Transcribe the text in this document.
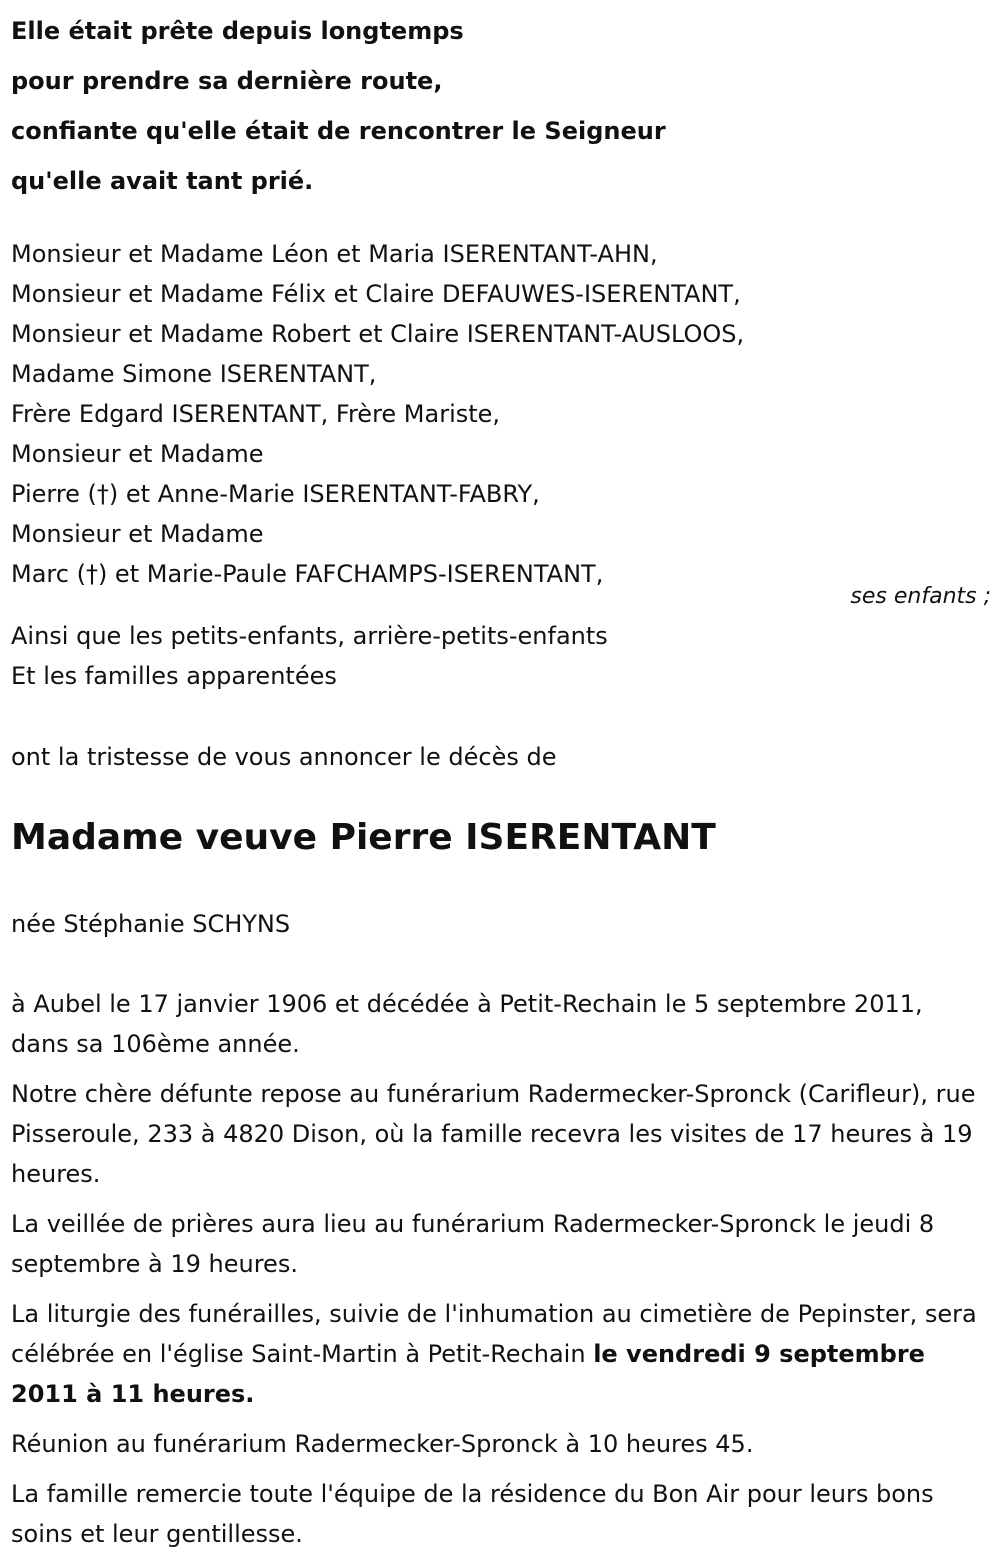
Elle était prête depuis longtemps
pour prendre sa dernière route,
confiante qu'elle était de rencontrer le Seigneur
qu'elle avait tant prié.
Monsieur et Madame Léon et Maria ISERENTANT-AHN,
Monsieur et Madame Félix et Claire DEFAUWES-ISERENTANT,
Monsieur et Madame Robert et Claire ISERENTANT-AUSLOOS,
Madame Simone ISERENTANT,
Frère Edgard ISERENTANT, Frère Mariste,
Monsieur et Madame
Pierre (†) et Anne-Marie ISERENTANT-FABRY,
Monsieur et Madame
Marc (†) et Marie-Paule FAFCHAMPS-ISERENTANT,
ses enfants ;
Ainsi que les petits-enfants, arrière-petits-enfants
Et les familles apparentées
ont la tristesse de vous annoncer le décès de
Madame veuve Pierre ISERENTANT
née Stéphanie SCHYNS

à Aubel le 17 janvier 1906 et décédée à Petit-Rechain le 5 septembre 2011, dans sa 106ème année.

Notre chère défunte repose au funérarium Radermecker-Spronck (Carifleur), rue Pisseroule, 233 à 4820 Dison, où la famille recevra les visites de 17 heures à 19 heures.

La veillée de prières aura lieu au funérarium Radermecker-Spronck le jeudi 8 septembre à 19 heures.

La liturgie des funérailles, suivie de l'inhumation au cimetière de Pepinster, sera célébrée en l'église Saint-Martin à Petit-Rechain le vendredi 9 septembre 2011 à 11 heures.

Réunion au funérarium Radermecker-Spronck à 10 heures 45.

La famille remercie toute l'équipe de la résidence du Bon Air pour leurs bons soins et leur gentillesse.
